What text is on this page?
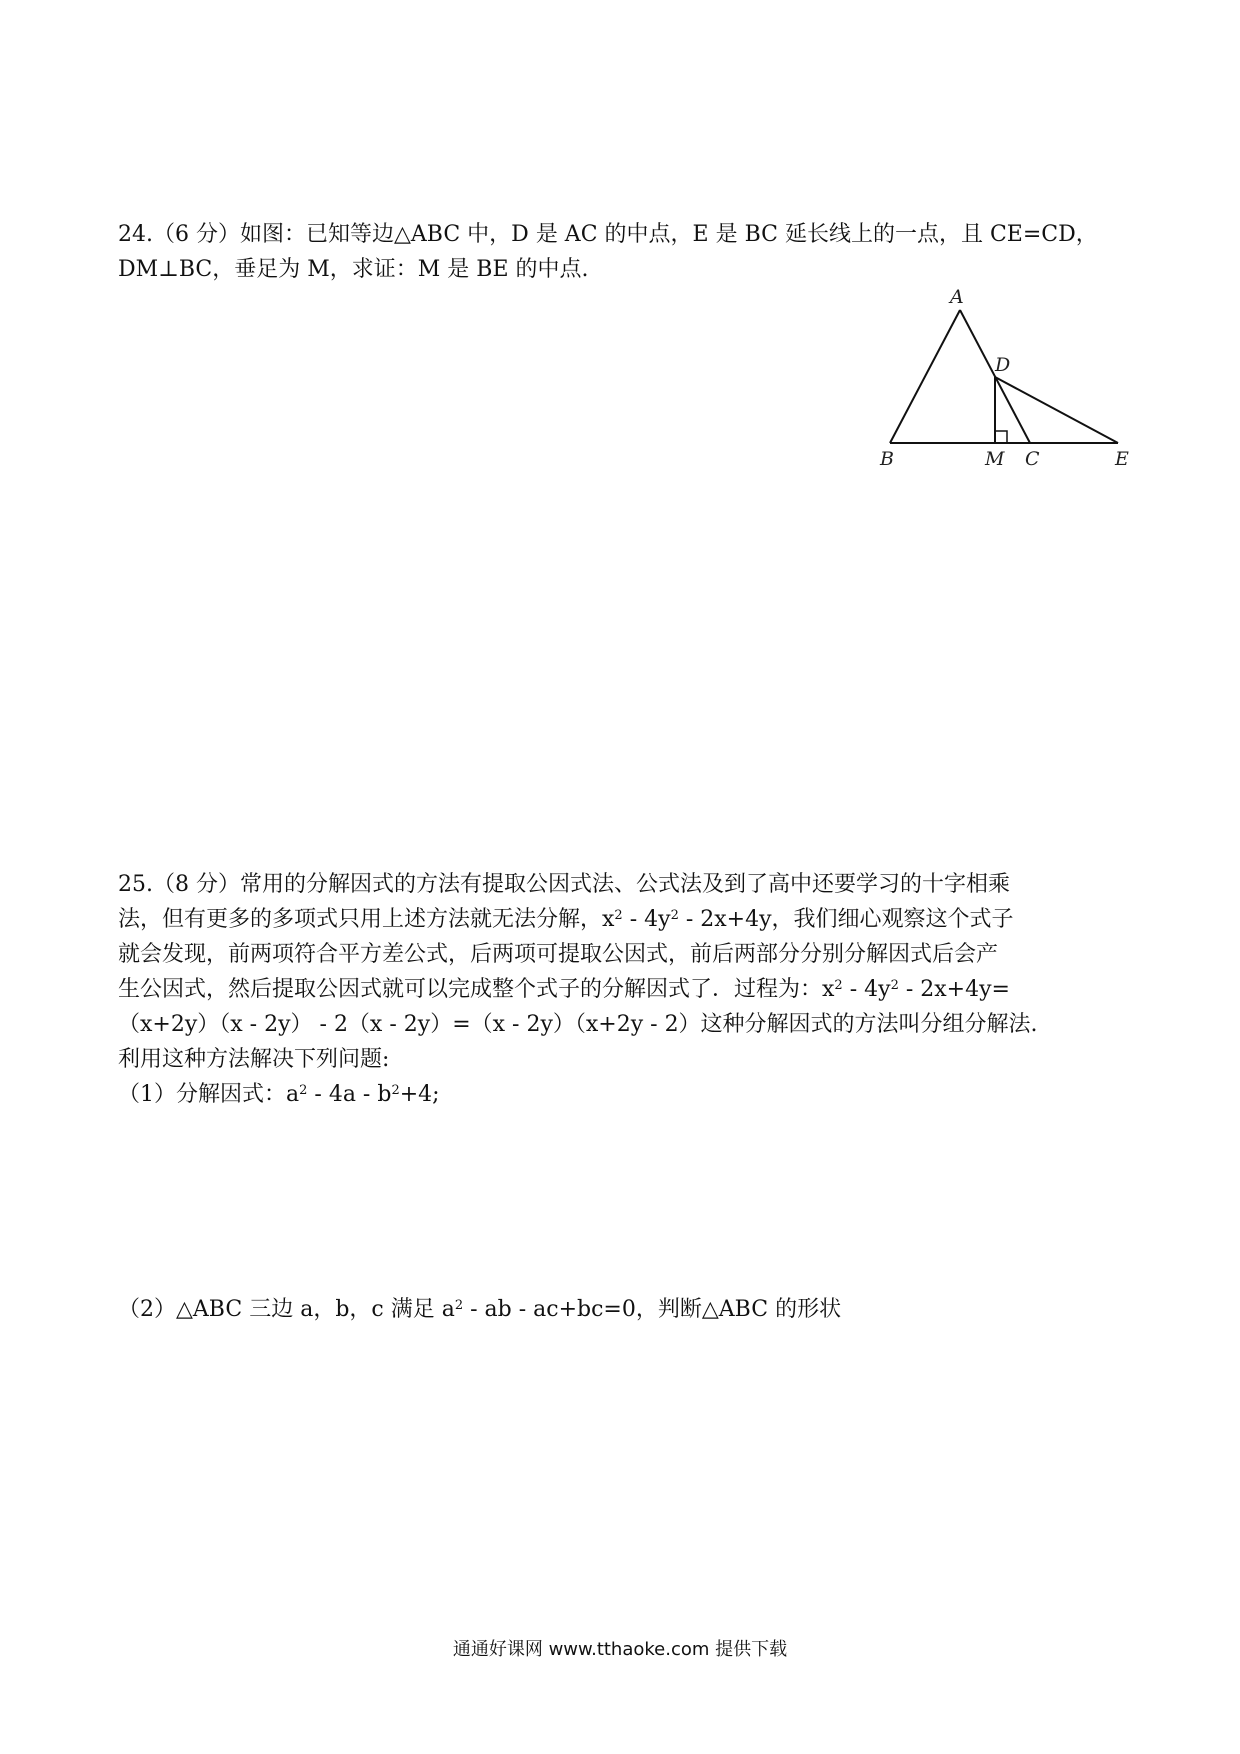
24.（6 分）如图：已知等边△ABC 中，D 是 AC 的中点，E 是 BC 延长线上的一点，且 CE=CD，
DM⊥BC，垂足为 M，求证：M 是 BE 的中点.
A
D
B	M C	E
25.（8 分）常用的分解因式的方法有提取公因式法、公式法及到了高中还要学习的十字相乘
法，但有更多的多项式只用上述方法就无法分解，$x^2 - 4y^2 - 2x+4y$，我们细心观察这个式子
就会发现，前两项符合平方差公式，后两项可提取公因式，前后两部分分别分解因式后会产
生公因式，然后提取公因式就可以完成整个式子的分解因式了．过程为：$x^2 - 4y^2 - 2x+4y=$
（x+2y）（x - 2y） - 2（x - 2y）=（x - 2y）（x+2y - 2）这种分解因式的方法叫分组分解法.
利用这种方法解决下列问题:
（1）分解因式：$a^2 - 4a - b^2+4$;
（2）△ABC 三边 a，b，c 满足 $a^2$ - ab - ac+bc=0，判断△ABC 的形状
通通好课网 www.tthaoke.com 提供下载
